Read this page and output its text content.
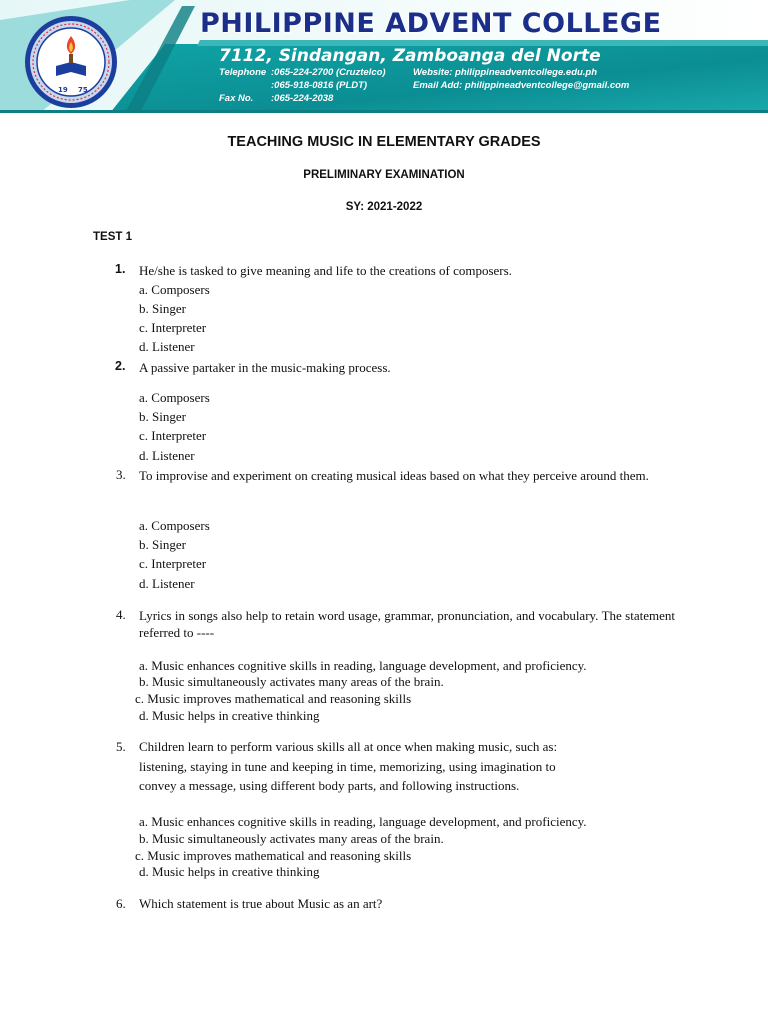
19 75
PHILIPPINE ADVENT COLLEGE
7112, Sindangan, Zamboanga del Norte
Telephone :065-224-2700 (Cruztelco)
:065-918-0816 (PLDT)
Fax No. :065-224-2038
Website: philippineadventcollege.edu.ph
Email Add: philippineadventcollege@gmail.com
TEACHING MUSIC IN ELEMENTARY GRADES
PRELIMINARY EXAMINATION
SY: 2021-2022
TEST 1
1. He/she is tasked to give meaning and life to the creations of composers.
a. Composers
b. Singer
c. Interpreter
d. Listener
2. A passive partaker in the music-making process.
a. Composers
b. Singer
c. Interpreter
d. Listener
3. To improvise and experiment on creating musical ideas based on what they perceive around them.
a. Composers
b. Singer
c. Interpreter
d. Listener
4. Lyrics in songs also help to retain word usage, grammar, pronunciation, and vocabulary. The statement referred to ----
a. Music enhances cognitive skills in reading, language development, and proficiency.
b. Music simultaneously activates many areas of the brain.
c. Music improves mathematical and reasoning skills
d. Music helps in creative thinking
5. Children learn to perform various skills all at once when making music, such as:
listening, staying in tune and keeping in time, memorizing, using imagination to
convey a message, using different body parts, and following instructions.
a. Music enhances cognitive skills in reading, language development, and proficiency.
b. Music simultaneously activates many areas of the brain.
c. Music improves mathematical and reasoning skills
d. Music helps in creative thinking
6. Which statement is true about Music as an art?
